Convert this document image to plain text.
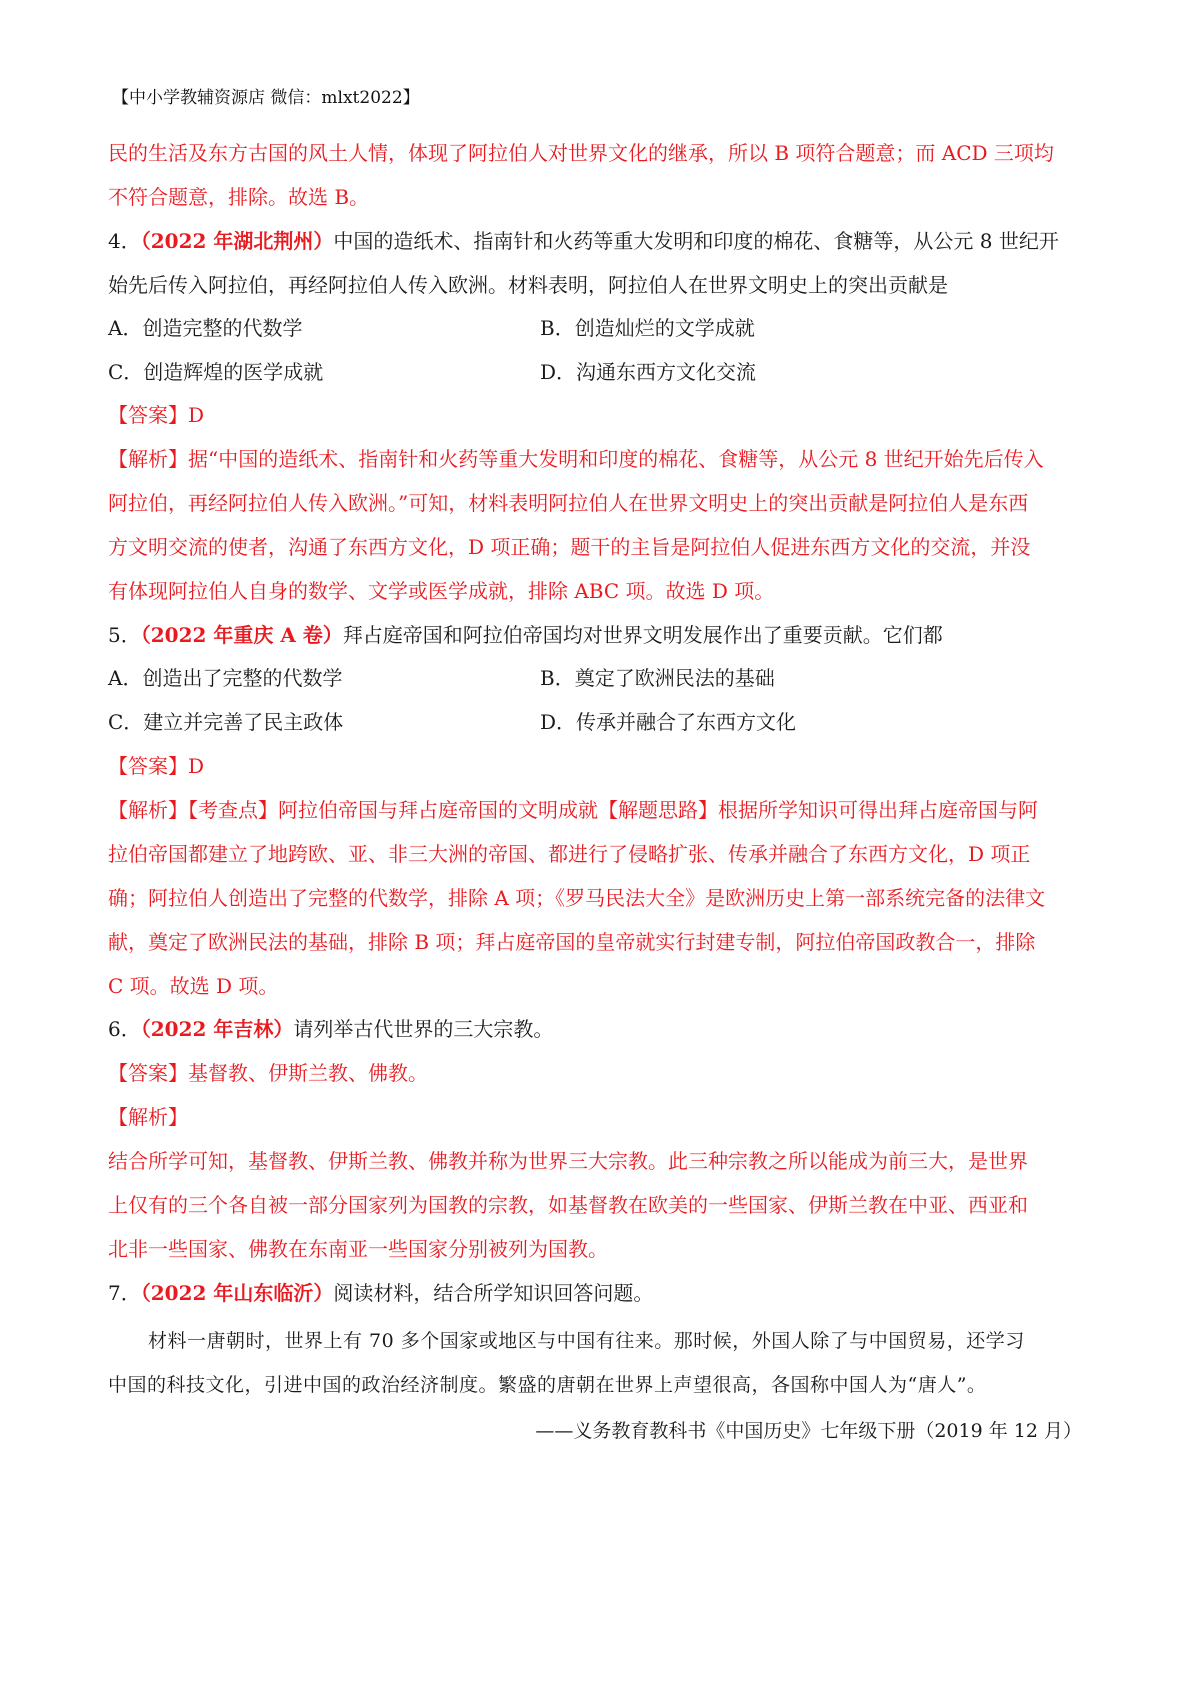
【中小学教辅资源店 微信：mlxt2022】
民的生活及东方古国的风土人情，体现了阿拉伯人对世界文化的继承，所以 B 项符合题意；而 ACD 三项均
不符合题意，排除。故选 B。
4．（2022 年湖北荆州）中国的造纸术、指南针和火药等重大发明和印度的棉花、食糖等，从公元 8 世纪开
始先后传入阿拉伯，再经阿拉伯人传入欧洲。材料表明，阿拉伯人在世界文明史上的突出贡献是
A．创造完整的代数学	B．创造灿烂的文学成就
C．创造辉煌的医学成就	D．沟通东西方文化交流
【答案】D
【解析】据“中国的造纸术、指南针和火药等重大发明和印度的棉花、食糖等，从公元 8 世纪开始先后传入
阿拉伯，再经阿拉伯人传入欧洲。”可知，材料表明阿拉伯人在世界文明史上的突出贡献是阿拉伯人是东西
方文明交流的使者，沟通了东西方文化，D 项正确；题干的主旨是阿拉伯人促进东西方文化的交流，并没
有体现阿拉伯人自身的数学、文学或医学成就，排除 ABC 项。故选 D 项。
5．（2022 年重庆 A 卷）拜占庭帝国和阿拉伯帝国均对世界文明发展作出了重要贡献。它们都
A．创造出了完整的代数学	B．奠定了欧洲民法的基础
C．建立并完善了民主政体	D．传承并融合了东西方文化
【答案】D
【解析】【考查点】阿拉伯帝国与拜占庭帝国的文明成就【解题思路】根据所学知识可得出拜占庭帝国与阿
拉伯帝国都建立了地跨欧、亚、非三大洲的帝国、都进行了侵略扩张、传承并融合了东西方文化，D 项正
确；阿拉伯人创造出了完整的代数学，排除 A 项；《罗马民法大全》是欧洲历史上第一部系统完备的法律文
献，奠定了欧洲民法的基础，排除 B 项；拜占庭帝国的皇帝就实行封建专制，阿拉伯帝国政教合一，排除
C 项。故选 D 项。
6．（2022 年吉林）请列举古代世界的三大宗教。
【答案】基督教、伊斯兰教、佛教。
【解析】
结合所学可知，基督教、伊斯兰教、佛教并称为世界三大宗教。此三种宗教之所以能成为前三大，是世界
上仅有的三个各自被一部分国家列为国教的宗教，如基督教在欧美的一些国家、伊斯兰教在中亚、西亚和
北非一些国家、佛教在东南亚一些国家分别被列为国教。
7．（2022 年山东临沂）阅读材料，结合所学知识回答问题。
材料一唐朝时，世界上有 70 多个国家或地区与中国有往来。那时候，外国人除了与中国贸易，还学习
中国的科技文化，引进中国的政治经济制度。繁盛的唐朝在世界上声望很高，各国称中国人为“唐人”。
——义务教育教科书《中国历史》七年级下册（2019 年 12 月）
